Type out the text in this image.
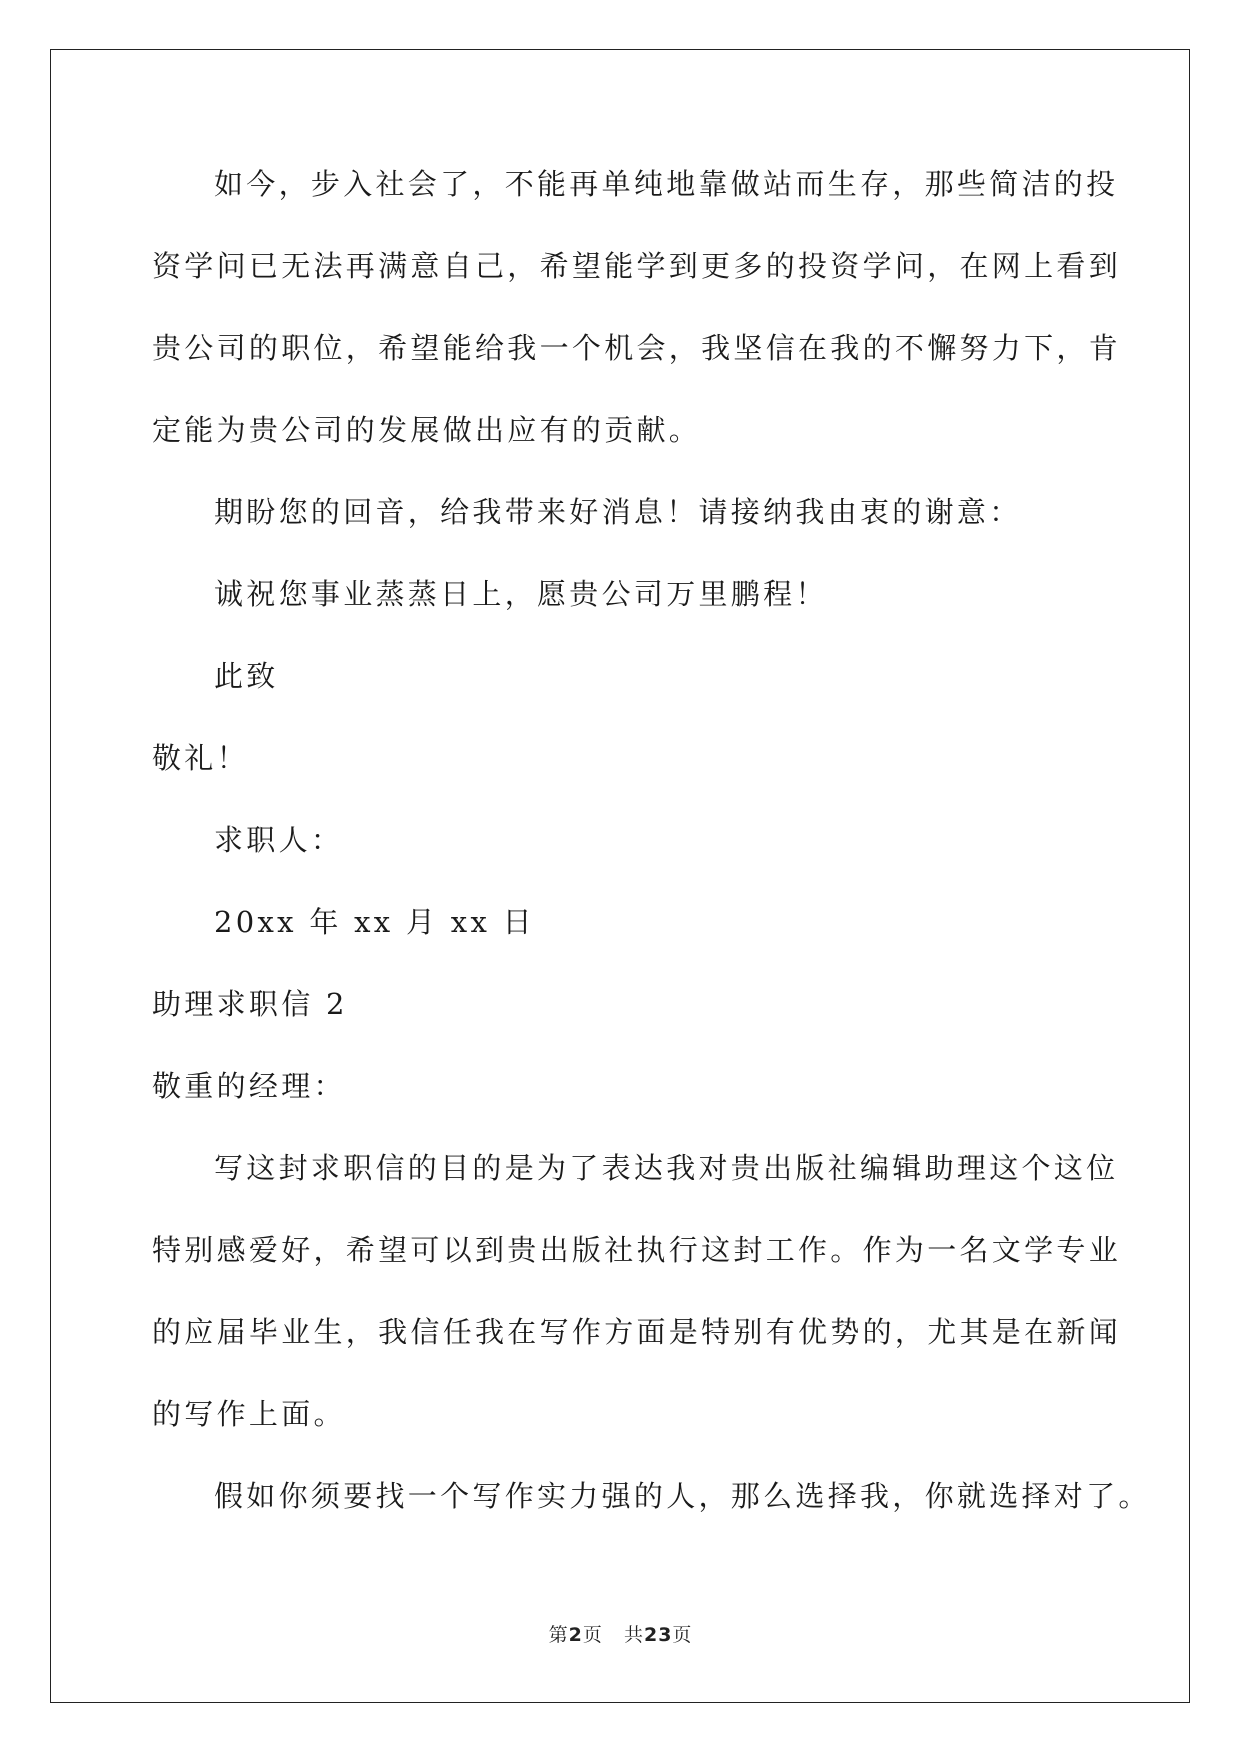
如今，步入社会了，不能再单纯地靠做站而生存，那些简洁的投
资学问已无法再满意自己，希望能学到更多的投资学问，在网上看到
贵公司的职位，希望能给我一个机会，我坚信在我的不懈努力下，肯
定能为贵公司的发展做出应有的贡献。
期盼您的回音，给我带来好消息！请接纳我由衷的谢意：
诚祝您事业蒸蒸日上，愿贵公司万里鹏程！
此致
敬礼！
求职人：
20xx 年 xx 月 xx 日
助理求职信 2
敬重的经理：
写这封求职信的目的是为了表达我对贵出版社编辑助理这个这位
特别感爱好，希望可以到贵出版社执行这封工作。作为一名文学专业
的应届毕业生，我信任我在写作方面是特别有优势的，尤其是在新闻
的写作上面。
假如你须要找一个写作实力强的人，那么选择我，你就选择对了。
第2页 共23页
